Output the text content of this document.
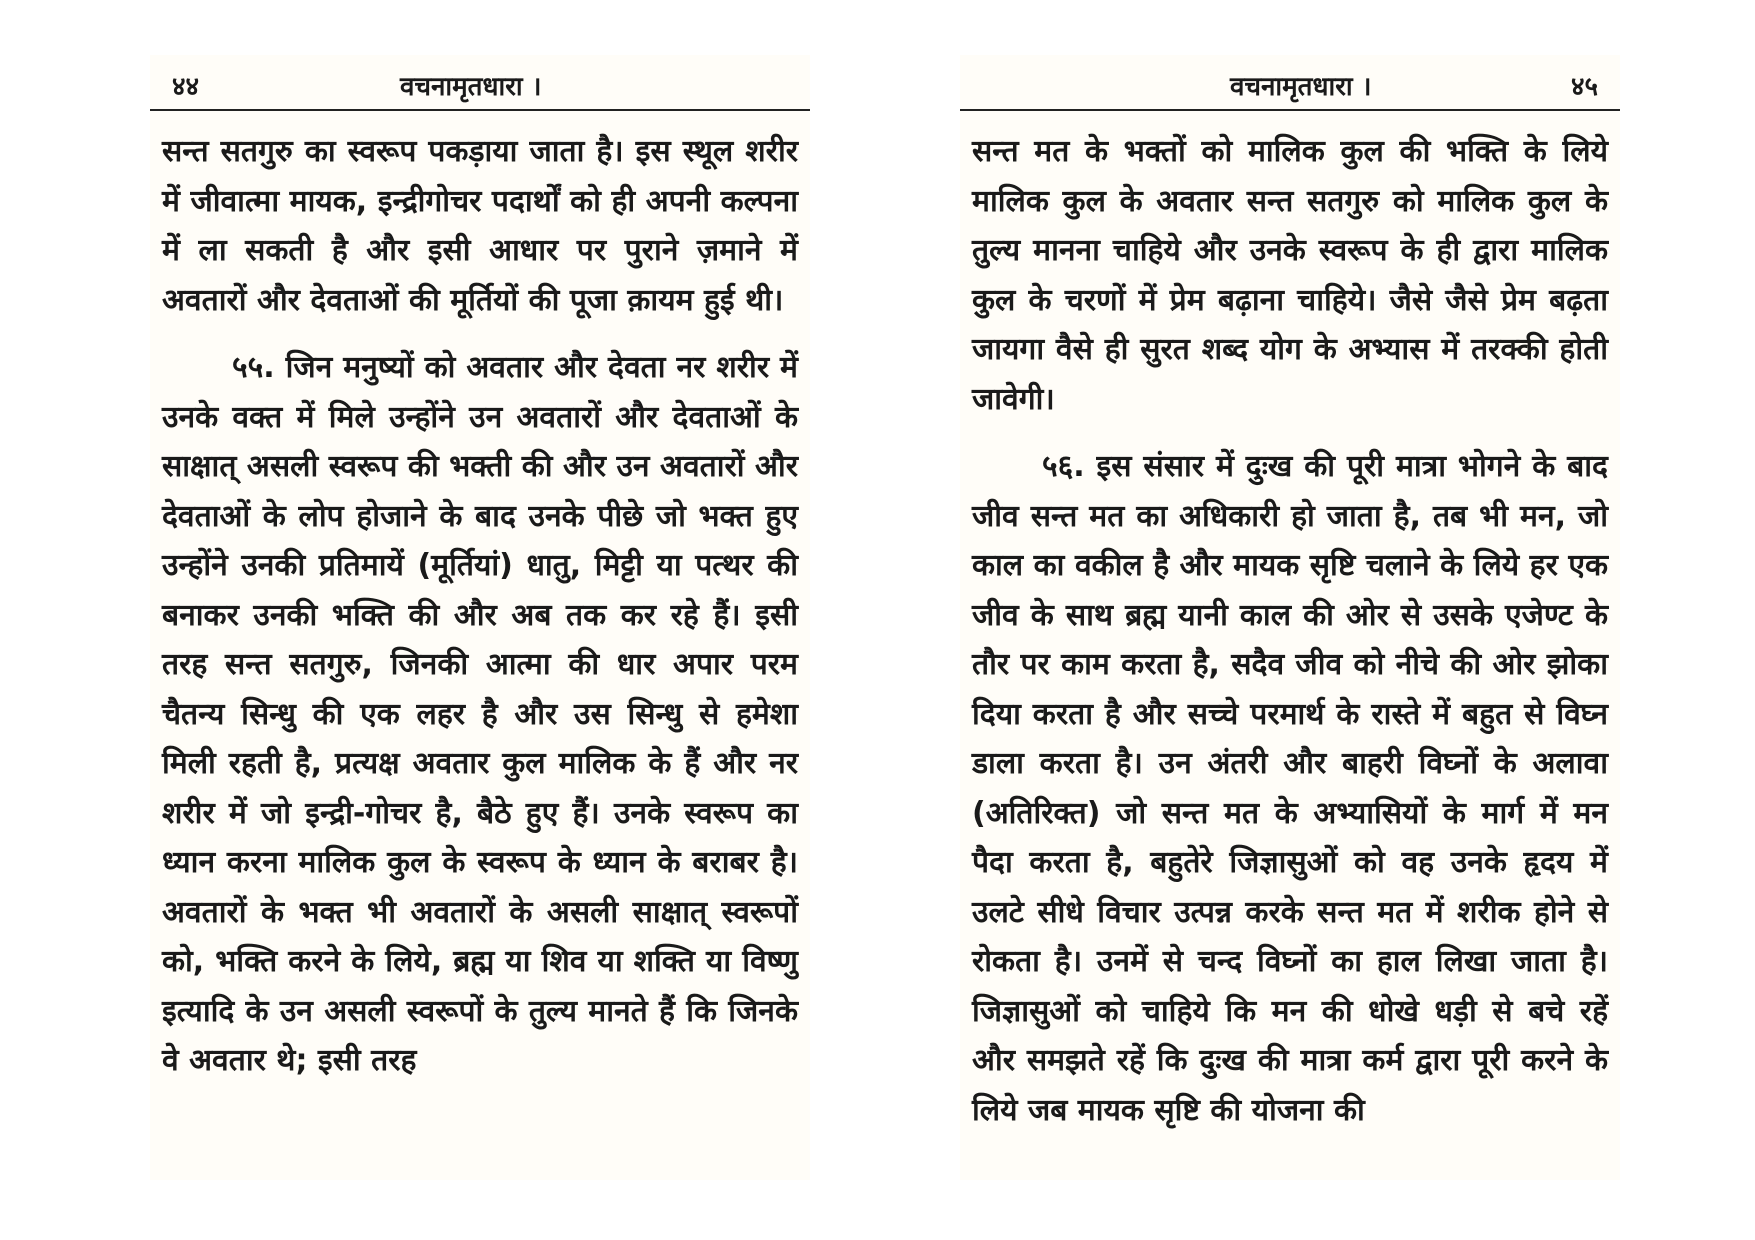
४४	वचनामृतधारा ।

सन्त सतगुरु का स्वरूप पकड़ाया जाता है। इस स्थूल शरीर में जीवात्मा मायक, इन्द्रीगोचर पदार्थों को ही अपनी कल्पना में ला सकती है और इसी आधार पर पुराने ज़माने में अवतारों और देवताओं की मूर्तियों की पूजा क़ायम हुई थी।

५५. जिन मनुष्यों को अवतार और देवता नर शरीर में उनके वक्त में मिले उन्होंने उन अवतारों और देवताओं के साक्षात् असली स्वरूप की भक्ती की और उन अवतारों और देवताओं के लोप होजाने के बाद उनके पीछे जो भक्त हुए उन्होंने उनकी प्रतिमायें (मूर्तियां) धातु, मिट्टी या पत्थर की बनाकर उनकी भक्ति की और अब तक कर रहे हैं। इसी तरह सन्त सतगुरु, जिनकी आत्मा की धार अपार परम चैतन्य सिन्धु की एक लहर है और उस सिन्धु से हमेशा मिली रहती है, प्रत्यक्ष अवतार कुल मालिक के हैं और नर शरीर में जो इन्द्री-गोचर है, बैठे हुए हैं। उनके स्वरूप का ध्यान करना मालिक कुल के स्वरूप के ध्यान के बराबर है। अवतारों के भक्त भी अवतारों के असली साक्षात् स्वरूपों को, भक्ति करने के लिये, ब्रह्म या शिव या शक्ति या विष्णु इत्यादि के उन असली स्वरूपों के तुल्य मानते हैं कि जिनके वे अवतार थे; इसी तरह

वचनामृतधारा ।	४५

सन्त मत के भक्तों को मालिक कुल की भक्ति के लिये मालिक कुल के अवतार सन्त सतगुरु को मालिक कुल के तुल्य मानना चाहिये और उनके स्वरूप के ही द्वारा मालिक कुल के चरणों में प्रेम बढ़ाना चाहिये। जैसे जैसे प्रेम बढ़ता जायगा वैसे ही सुरत शब्द योग के अभ्यास में तरक्की होती जावेगी।

५६. इस संसार में दुःख की पूरी मात्रा भोगने के बाद जीव सन्त मत का अधिकारी हो जाता है, तब भी मन, जो काल का वकील है और मायक सृष्टि चलाने के लिये हर एक जीव के साथ ब्रह्म यानी काल की ओर से उसके एजेण्ट के तौर पर काम करता है, सदैव जीव को नीचे की ओर झोका दिया करता है और सच्चे परमार्थ के रास्ते में बहुत से विघ्न डाला करता है। उन अंतरी और बाहरी विघ्नों के अलावा (अतिरिक्त) जो सन्त मत के अभ्यासियों के मार्ग में मन पैदा करता है, बहुतेरे जिज्ञासुओं को वह उनके हृदय में उलटे सीधे विचार उत्पन्न करके सन्त मत में शरीक होने से रोकता है। उनमें से चन्द विघ्नों का हाल लिखा जाता है। जिज्ञासुओं को चाहिये कि मन की धोखे धड़ी से बचे रहें और समझते रहें कि दुःख की मात्रा कर्म द्वारा पूरी करने के लिये जब मायक सृष्टि की योजना की
